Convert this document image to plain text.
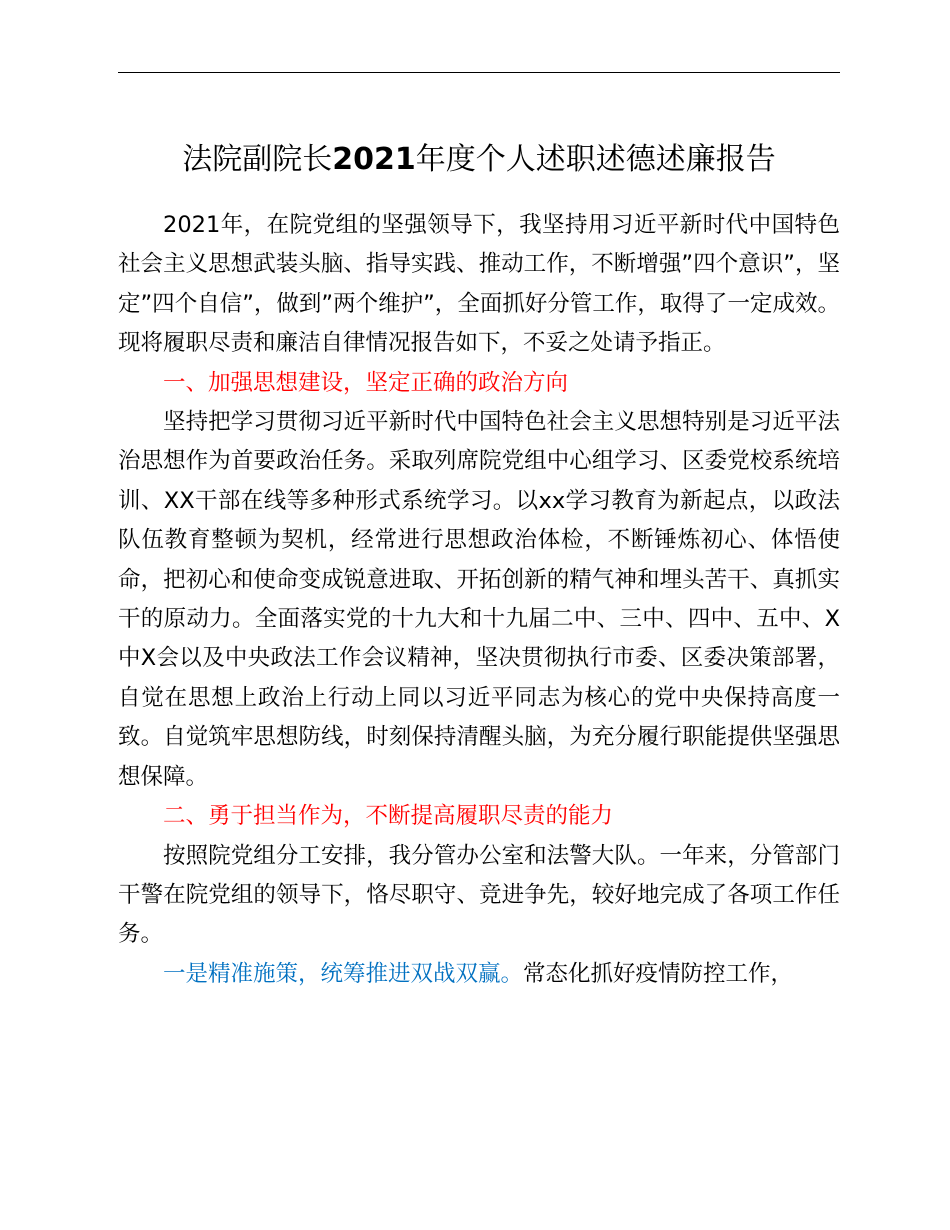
法院副院长2021年度个人述职述德述廉报告

2021年，在院党组的坚强领导下，我坚持用习近平新时代中国特色社会主义思想武装头脑、指导实践、推动工作，不断增强”四个意识”，坚定”四个自信”，做到”两个维护”，全面抓好分管工作，取得了一定成效。现将履职尽责和廉洁自律情况报告如下，不妥之处请予指正。

一、加强思想建设，坚定正确的政治方向

坚持把学习贯彻习近平新时代中国特色社会主义思想特别是习近平法治思想作为首要政治任务。采取列席院党组中心组学习、区委党校系统培训、XX干部在线等多种形式系统学习。以xx学习教育为新起点，以政法队伍教育整顿为契机，经常进行思想政治体检，不断锤炼初心、体悟使命，把初心和使命变成锐意进取、开拓创新的精气神和埋头苦干、真抓实干的原动力。全面落实党的十九大和十九届二中、三中、四中、五中、X中X会以及中央政法工作会议精神，坚决贯彻执行市委、区委决策部署，自觉在思想上政治上行动上同以习近平同志为核心的党中央保持高度一致。自觉筑牢思想防线，时刻保持清醒头脑，为充分履行职能提供坚强思想保障。

二、勇于担当作为，不断提高履职尽责的能力

按照院党组分工安排，我分管办公室和法警大队。一年来，分管部门干警在院党组的领导下，恪尽职守、竞进争先，较好地完成了各项工作任务。

一是精准施策，统筹推进双战双赢。常态化抓好疫情防控工作，
